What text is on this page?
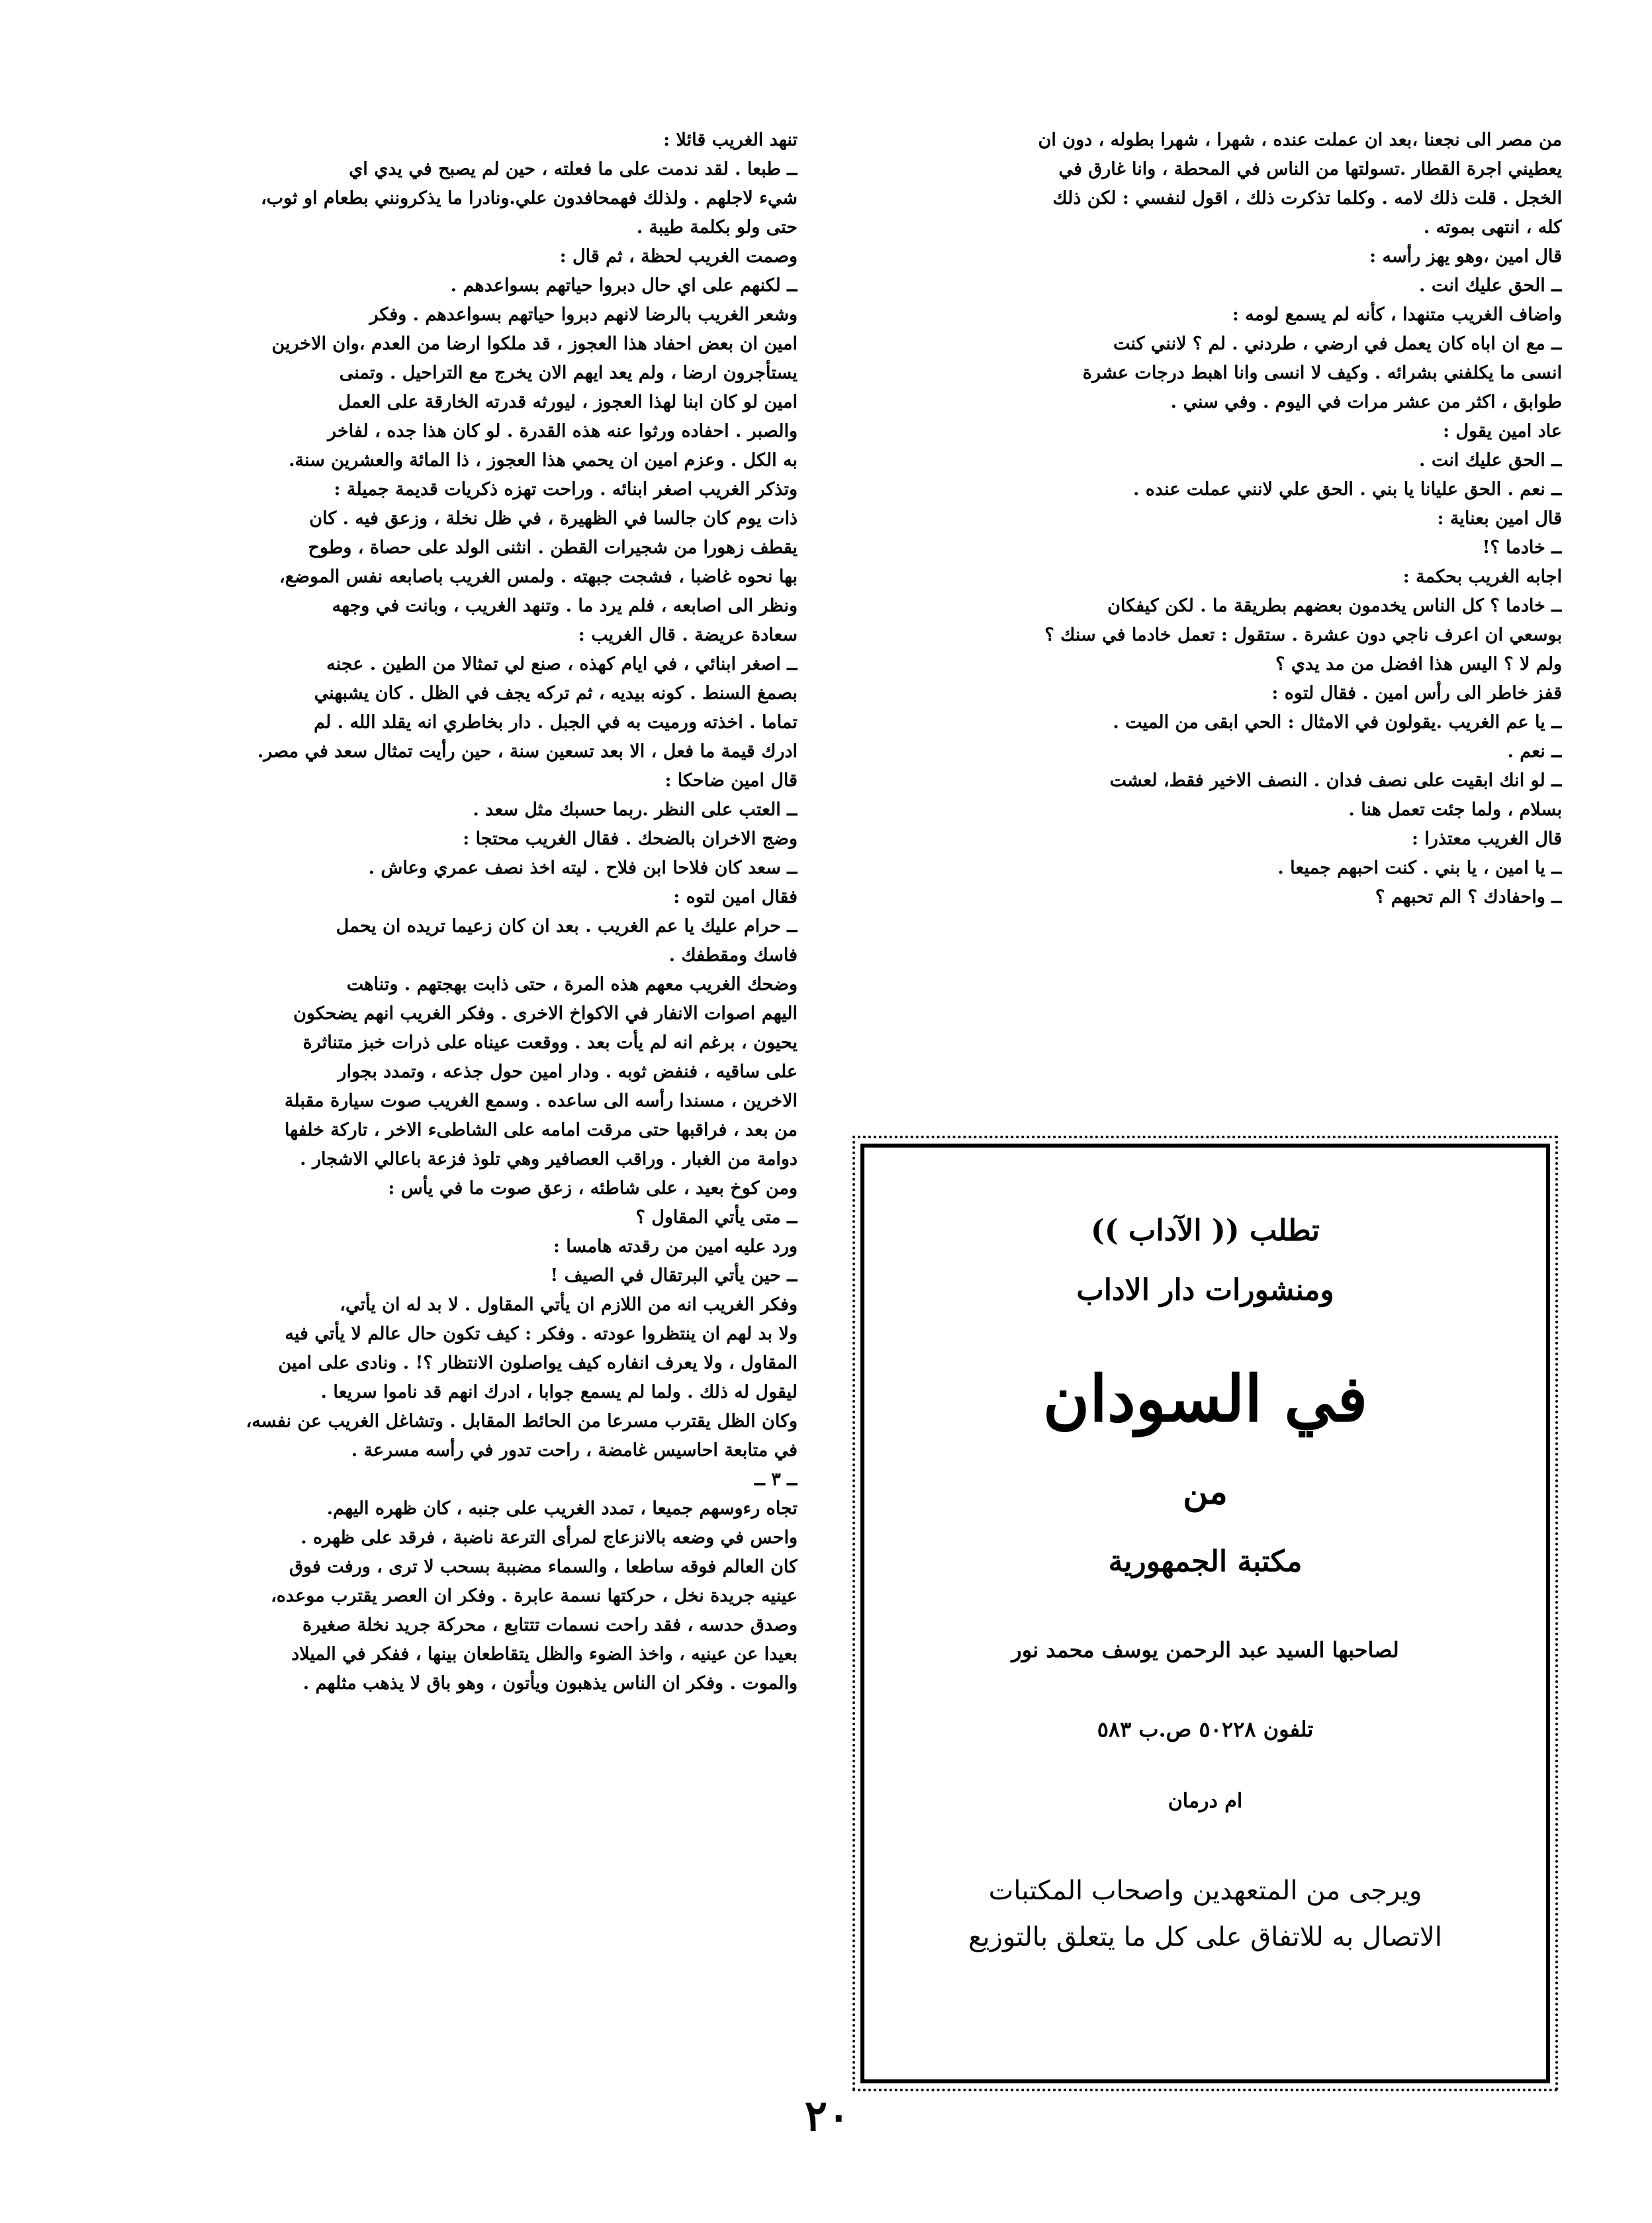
من مصر الى نجعنا ،بعد ان عملت عنده ، شهرا ، شهرا بطوله ، دون ان

يعطيني اجرة القطار .تسولتها من الناس في المحطة ، وانا غارق في

الخجل . قلت ذلك لامه . وكلما تذكرت ذلك ، اقول لنفسي : لكن ذلك

كله ، انتهى بموته .

قال امين ،وهو يهز رأسه :

ــ الحق عليك انت .

واضاف الغريب متنهدا ، كأنه لم يسمع لومه :

ــ مع ان اباه كان يعمل في ارضي ، طردني . لم ؟ لانني كنت

انسى ما يكلفني بشرائه . وكيف لا انسى وانا اهبط درجات عشرة

طوابق ، اكثر من عشر مرات في اليوم . وفي سني .

عاد امين يقول :

ــ الحق عليك انت .

ــ نعم . الحق عليانا يا بني . الحق علي لانني عملت عنده .

قال امين بعناية :

ــ خادما ؟!

اجابه الغريب بحكمة :

ــ خادما ؟ كل الناس يخدمون بعضهم بطريقة ما . لكن كيفكان

بوسعي ان اعرف ناجي دون عشرة . ستقول : تعمل خادما في سنك ؟

ولم لا ؟ اليس هذا افضل من مد يدي ؟

قفز خاطر الى رأس امين . فقال لتوه :

ــ يا عم الغريب .يقولون في الامثال : الحي ابقى من الميت .

ــ نعم .

ــ لو انك ابقيت على نصف فدان . النصف الاخير فقط، لعشت

بسلام ، ولما جئت تعمل هنا .

قال الغريب معتذرا :

ــ يا امين ، يا بني . كنت احبهم جميعا .

ــ واحفادك ؟ الم تحبهم ؟

تنهد الغريب قائلا :

ــ طبعا . لقد ندمت على ما فعلته ، حين لم يصبح في يدي اي

شيء لاجلهم . ولذلك فهمحافدون علي.ونادرا ما يذكرونني بطعام او ثوب،

حتى ولو بكلمة طيبة .

وصمت الغريب لحظة ، ثم قال :

ــ لكنهم على اي حال دبروا حياتهم بسواعدهم .

وشعر الغريب بالرضا لانهم دبروا حياتهم بسواعدهم . وفكر

امين ان بعض احفاد هذا العجوز ، قد ملكوا ارضا من العدم ،وان الاخرين

يستأجرون ارضا ، ولم يعد ايهم الان يخرج مع التراحيل . وتمنى

امين لو كان ابنا لهذا العجوز ، ليورثه قدرته الخارقة على العمل

والصبر . احفاده ورثوا عنه هذه القدرة . لو كان هذا جده ، لفاخر

به الكل . وعزم امين ان يحمي هذا العجوز ، ذا المائة والعشرين سنة.

وتذكر الغريب اصغر ابنائه . وراحت تهزه ذكريات قديمة جميلة :

ذات يوم كان جالسا في الظهيرة ، في ظل نخلة ، وزعق فيه . كان

يقطف زهورا من شجيرات القطن . انثنى الولد على حصاة ، وطوح

بها نحوه غاضبا ، فشجت جبهته . ولمس الغريب باصابعه نفس الموضع،

ونظر الى اصابعه ، فلم يرد ما . وتنهد الغريب ، وبانت في وجهه

سعادة عريضة . قال الغريب :

ــ اصغر ابنائي ، في ايام كهذه ، صنع لي تمثالا من الطين . عجنه

بصمغ السنط . كونه بيديه ، ثم تركه يجف في الظل . كان يشبهني

تماما . اخذته ورميت به في الجبل . دار بخاطري انه يقلد الله . لم

ادرك قيمة ما فعل ، الا بعد تسعين سنة ، حين رأيت تمثال سعد في مصر.

قال امين ضاحكا :

ــ العتب على النظر .ربما حسبك مثل سعد .

وضج الاخران بالضحك . فقال الغريب محتجا :

ــ سعد كان فلاحا ابن فلاح . ليته اخذ نصف عمري وعاش .

فقال امين لتوه :

ــ حرام عليك يا عم الغريب . بعد ان كان زعيما تريده ان يحمل

فاسك ومقطفك .

وضحك الغريب معهم هذه المرة ، حتى ذابت بهجتهم . وتناهت

اليهم اصوات الانفار في الاكواخ الاخرى . وفكر الغريب انهم يضحكون

يحيون ، برغم انه لم يأت بعد . ووقعت عيناه على ذرات خبز متناثرة

على ساقيه ، فنفض ثوبه . ودار امين حول جذعه ، وتمدد بجوار

الاخرين ، مسندا رأسه الى ساعده . وسمع الغريب صوت سيارة مقبلة

من بعد ، فراقبها حتى مرقت امامه على الشاطىء الاخر ، تاركة خلفها

دوامة من الغبار . وراقب العصافير وهي تلوذ فزعة باعالي الاشجار .

ومن كوخ بعيد ، على شاطئه ، زعق صوت ما في يأس :

ــ متى يأتي المقاول ؟

ورد عليه امين من رقدته هامسا :

ــ حين يأتي البرتقال في الصيف !

وفكر الغريب انه من اللازم ان يأتي المقاول . لا بد له ان يأتي،

ولا بد لهم ان ينتظروا عودته . وفكر : كيف تكون حال عالم لا يأتي فيه

المقاول ، ولا يعرف انفاره كيف يواصلون الانتظار ؟! . ونادى على امين

ليقول له ذلك . ولما لم يسمع جوابا ، ادرك انهم قد ناموا سريعا .

وكان الظل يقترب مسرعا من الحائط المقابل . وتشاغل الغريب عن نفسه،

في متابعة احاسيس غامضة ، راحت تدور في رأسه مسرعة .

ــ ٣ ــ

تجاه رءوسهم جميعا ، تمدد الغريب على جنبه ، كان ظهره اليهم.

واحس في وضعه بالانزعاج لمرأى الترعة ناضبة ، فرقد على ظهره .

كان العالم فوقه ساطعا ، والسماء مضببة بسحب لا ترى ، ورفت فوق

عينيه جريدة نخل ، حركتها نسمة عابرة . وفكر ان العصر يقترب موعده،

وصدق حدسه ، فقد راحت نسمات تتتابع ، محركة جريد نخلة صغيرة

بعيدا عن عينيه ، واخذ الضوء والظل يتقاطعان بينها ، ففكر في الميلاد

والموت . وفكر ان الناس يذهبون ويأتون ، وهو باق لا يذهب مثلهم .

تطلب (( الآداب ))
ومنشورات دار الاداب
في السودان
من
مكتبة الجمهورية
لصاحبها السيد عبد الرحمن يوسف محمد نور
تلفون ٥٠٢٢٨ ص.ب ٥٨٣
ام درمان
ويرجى من المتعهدين واصحاب المكتبات
الاتصال به للاتفاق على كل ما يتعلق بالتوزيع
٢٠
